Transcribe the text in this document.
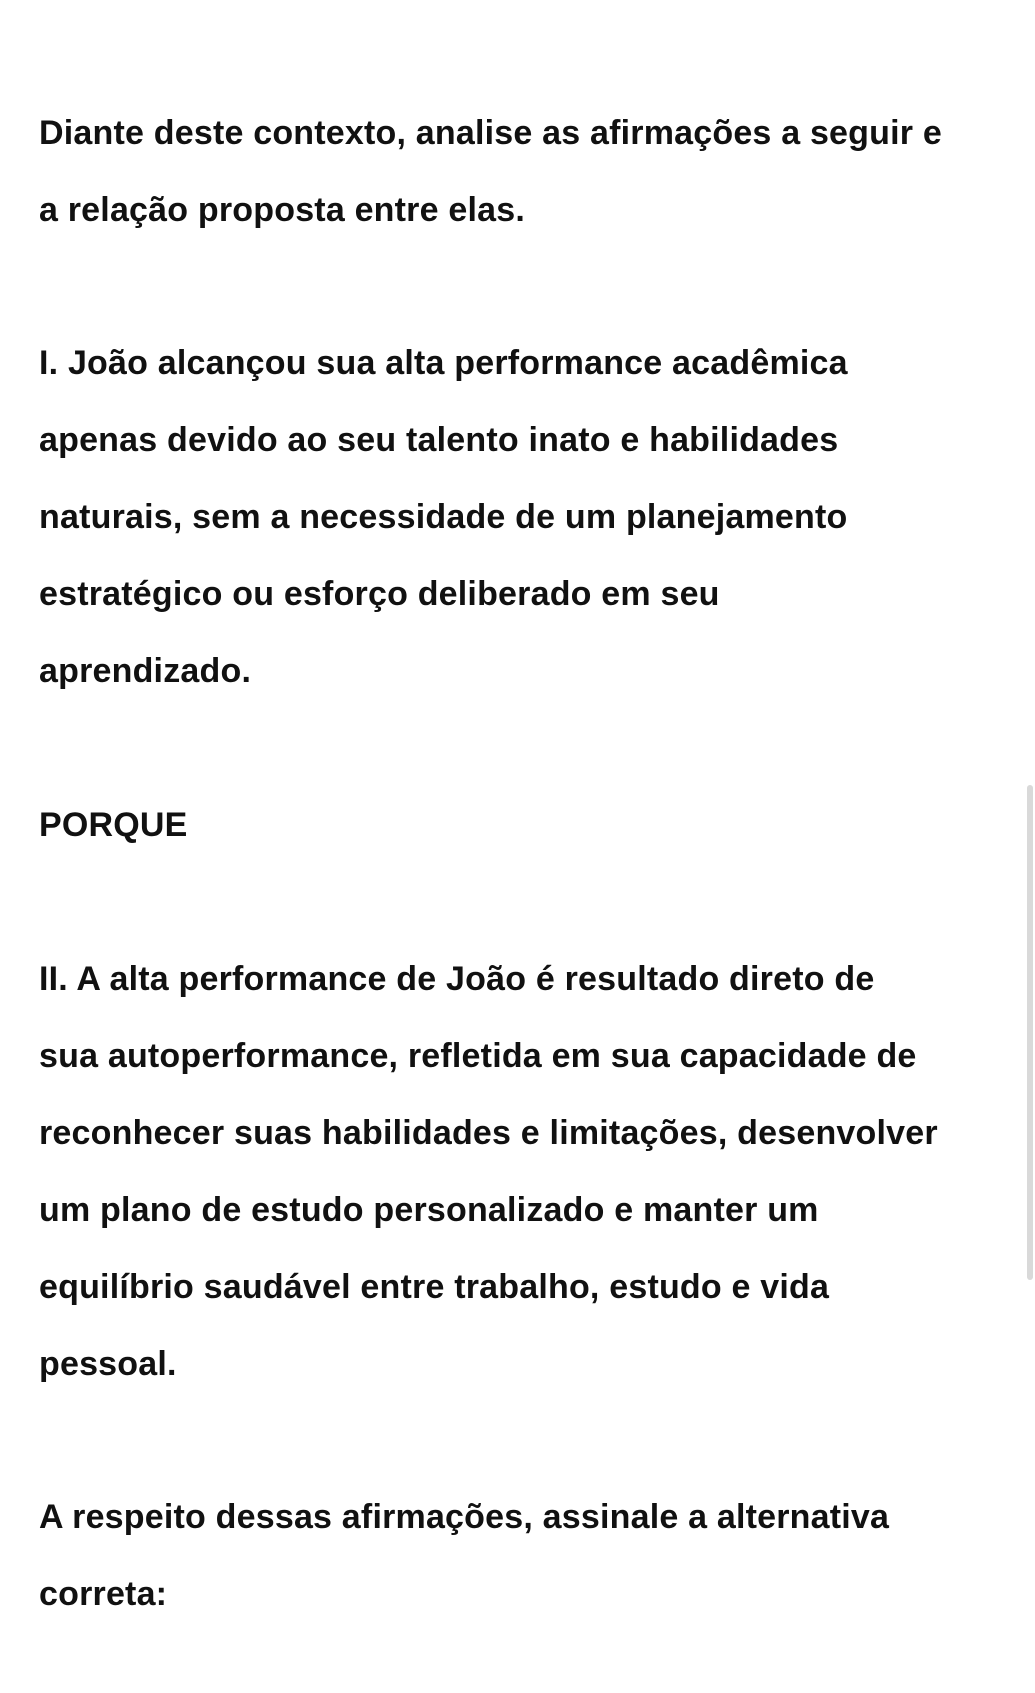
Diante deste contexto, analise as afirmações a seguir e
a relação proposta entre elas.

I. João alcançou sua alta performance acadêmica
apenas devido ao seu talento inato e habilidades
naturais, sem a necessidade de um planejamento
estratégico ou esforço deliberado em seu
aprendizado.

PORQUE

II. A alta performance de João é resultado direto de
sua autoperformance, refletida em sua capacidade de
reconhecer suas habilidades e limitações, desenvolver
um plano de estudo personalizado e manter um
equilíbrio saudável entre trabalho, estudo e vida
pessoal.

A respeito dessas afirmações, assinale a alternativa
correta:
